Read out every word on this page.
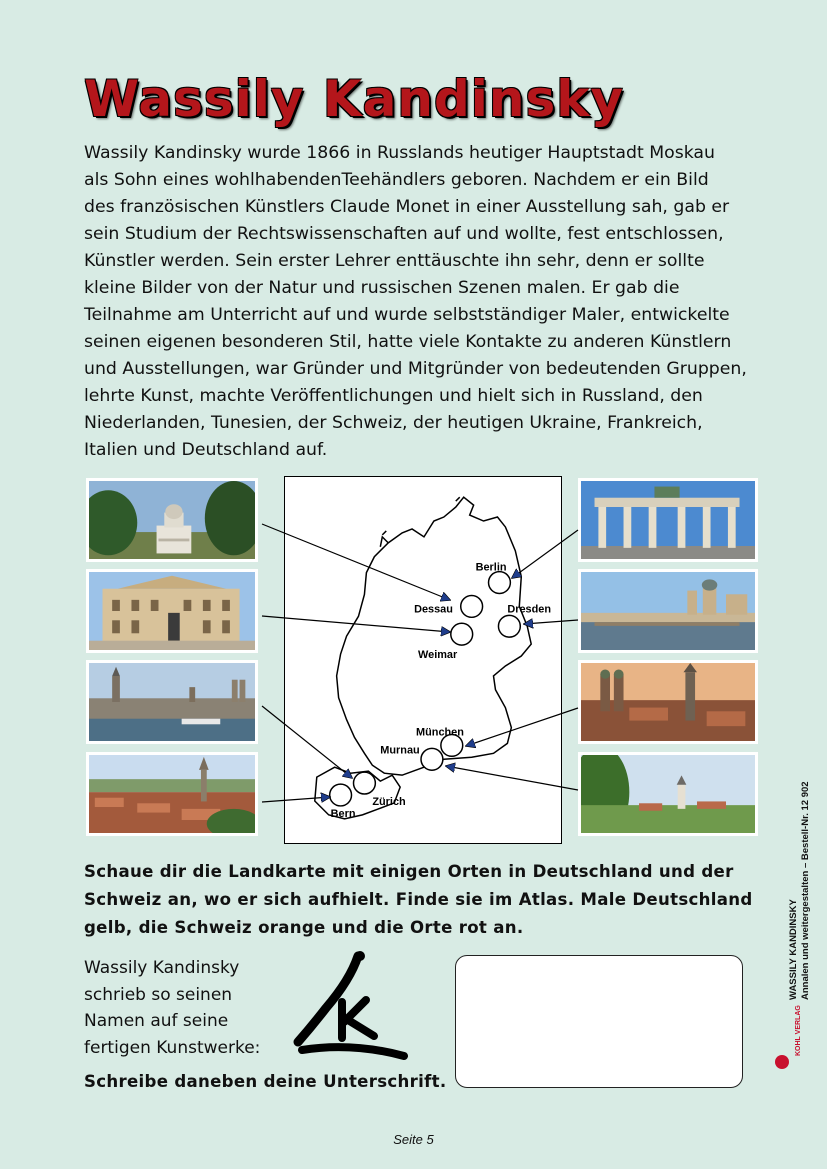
Wassily Kandinsky
Wassily Kandinsky wurde 1866 in Russlands heutiger Hauptstadt Moskau
als Sohn eines wohlhabendenTeehändlers geboren. Nachdem er ein Bild
des französischen Künstlers Claude Monet in einer Ausstellung sah, gab er
sein Studium der Rechtswissenschaften auf und wollte, fest entschlossen,
Künstler werden. Sein erster Lehrer enttäuschte ihn sehr, denn er sollte
kleine Bilder von der Natur und russischen Szenen malen. Er gab die
Teilnahme am Unterricht auf und wurde selbstständiger Maler, entwickelte
seinen eigenen besonderen Stil, hatte viele Kontakte zu anderen Künstlern
und Ausstellungen, war Gründer und Mitgründer von bedeutenden Gruppen,
lehrte Kunst, machte Veröffentlichungen und hielt sich in Russland, den
Niederlanden, Tunesien, der Schweiz, der heutigen Ukraine, Frankreich,
Italien und Deutschland auf.
Berlin
Dessau	Dresden
Weimar
München
Murnau
Zürich
Bern
Schaue dir die Landkarte mit einigen Orten in Deutschland und der
Schweiz an, wo er sich aufhielt. Finde sie im Atlas. Male Deutschland
gelb, die Schweiz orange und die Orte rot an.
Wassily Kandinsky
schrieb so seinen
Namen auf seine
fertigen Kunstwerke:
Schreibe daneben deine Unterschrift.
Seite 5
WASSILY KANDINSKY Annalen und weitergestalten – Bestell-Nr. 12 902
KOHL VERLAG
